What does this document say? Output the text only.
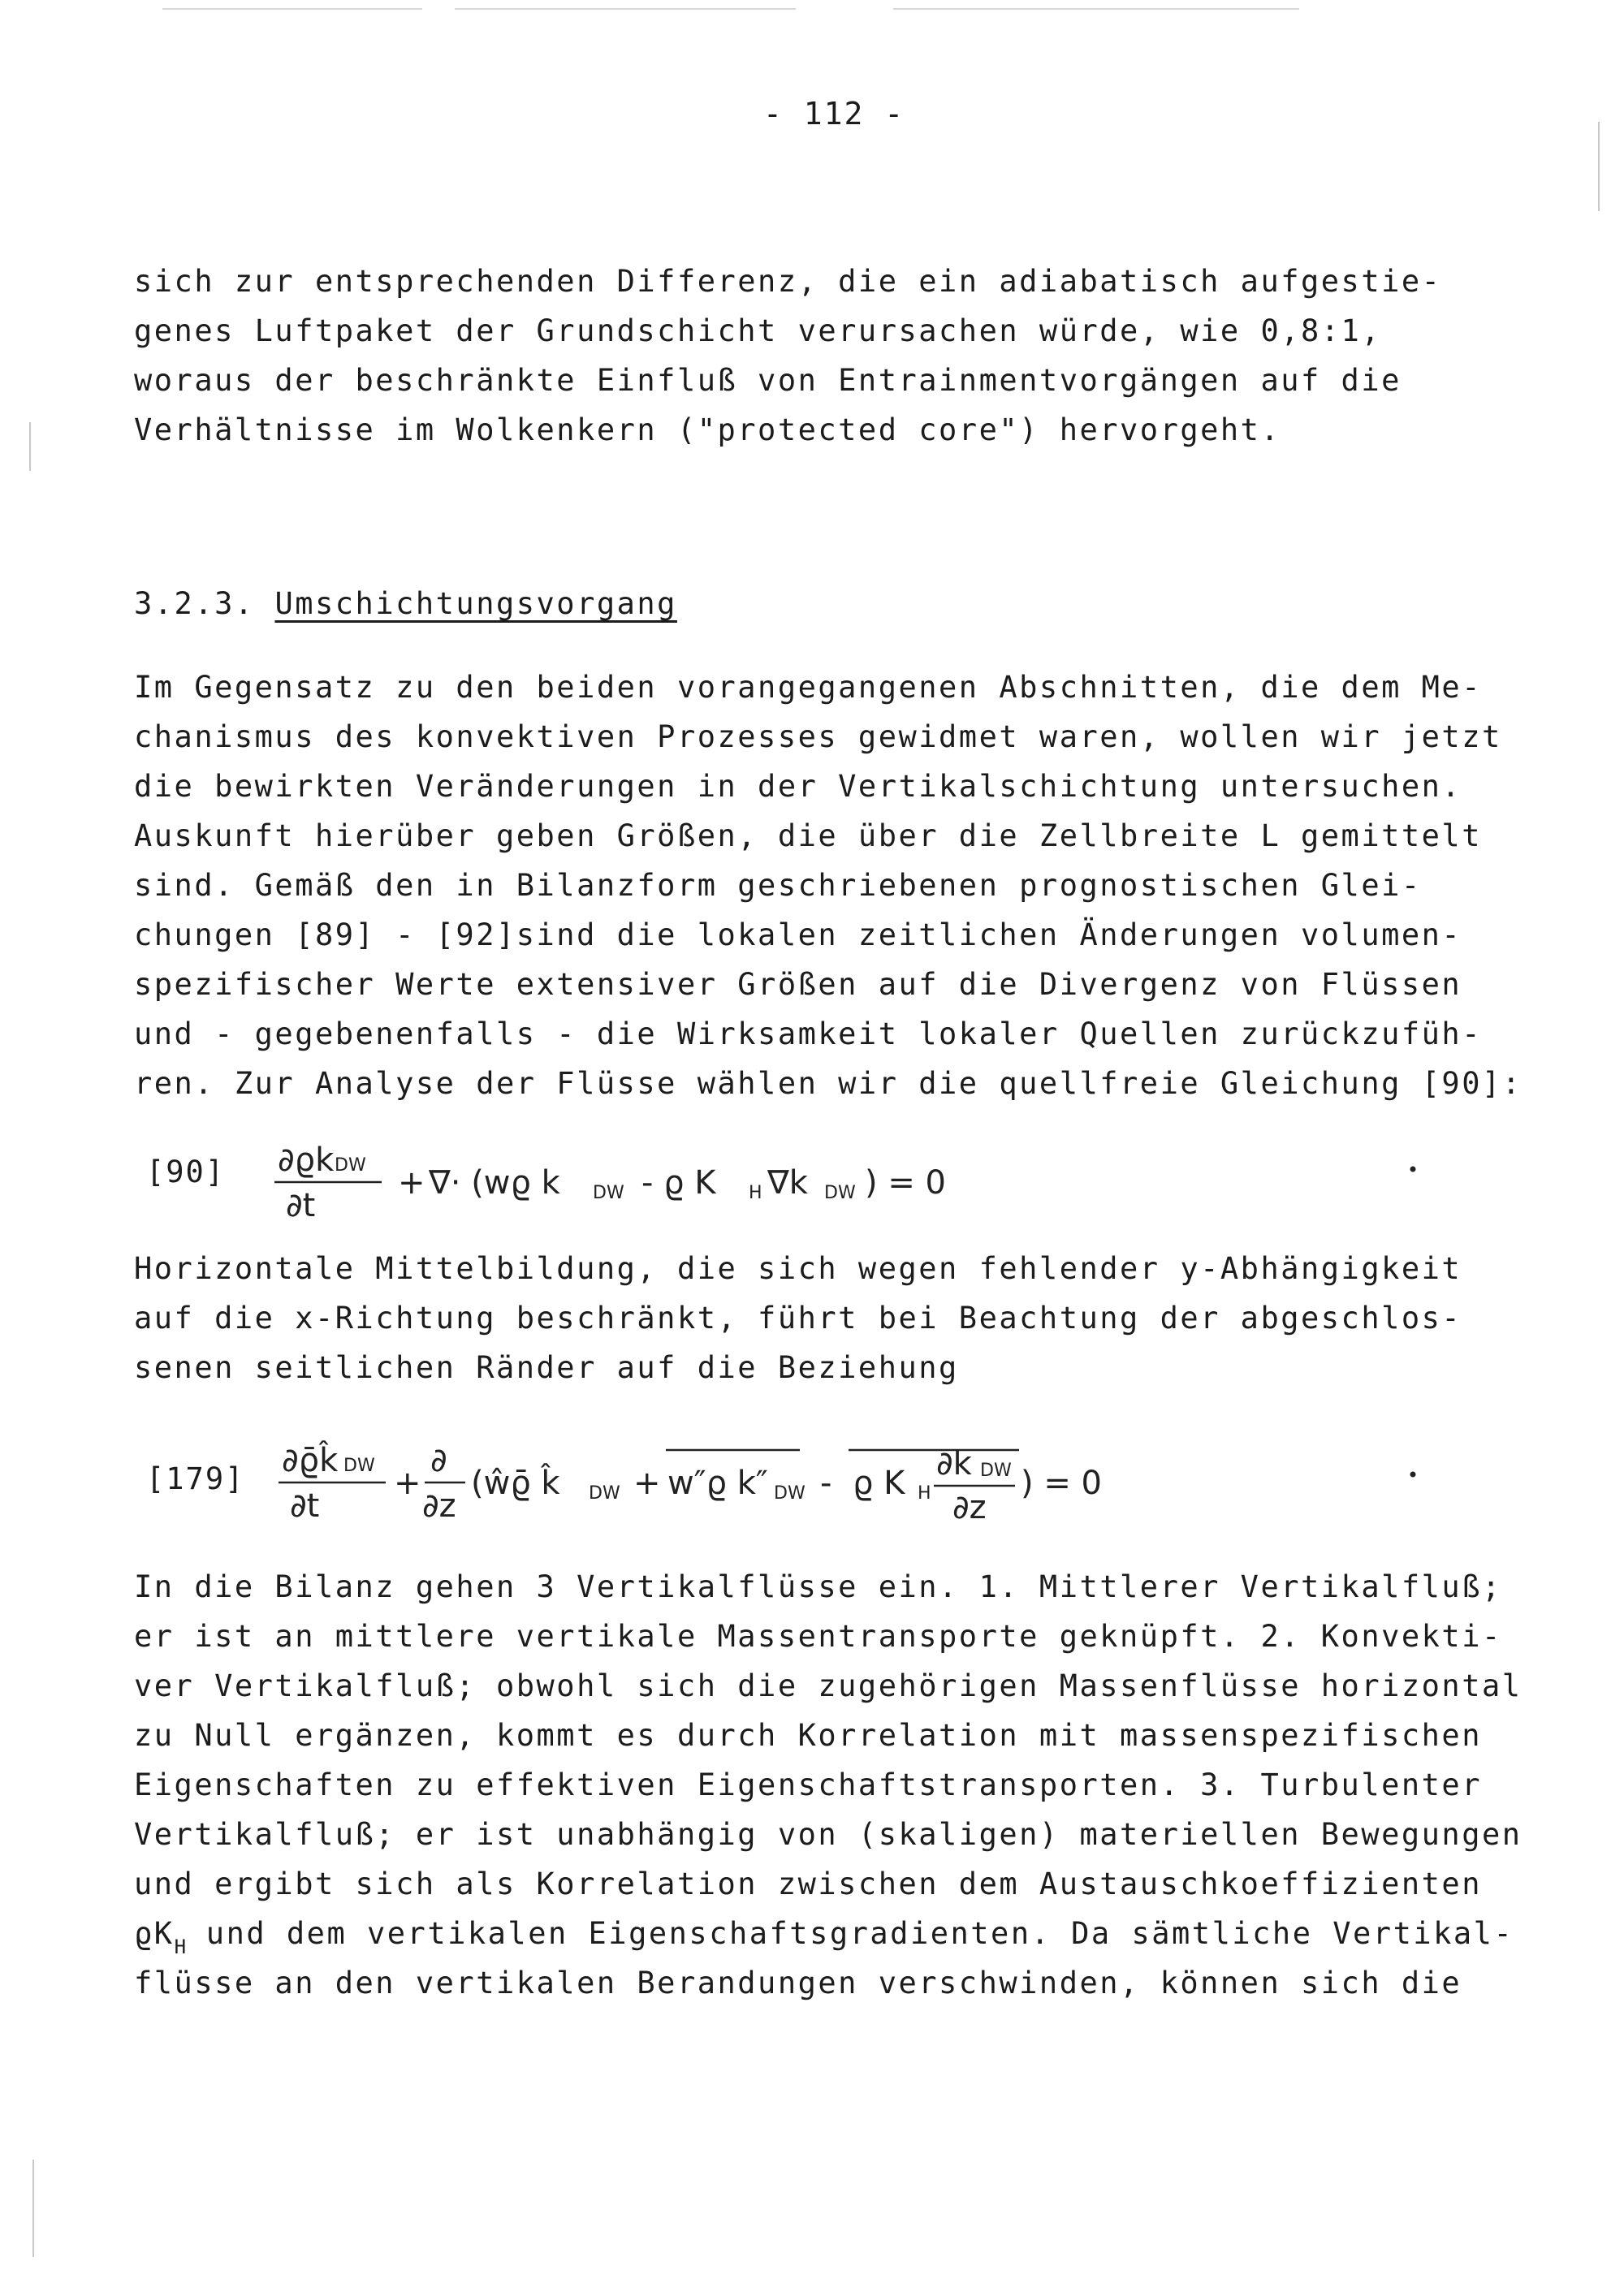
- 112 -

sich zur entsprechenden Differenz, die ein adiabatisch aufgestie-
genes Luftpaket der Grundschicht verursachen würde, wie 0,8:1,
woraus der beschränkte Einfluß von Entrainmentvorgängen auf die
Verhältnisse im Wolkenkern ("protected core") hervorgeht.

3.2.3. Umschichtungsvorgang

Im Gegensatz zu den beiden vorangegangenen Abschnitten, die dem Me-
chanismus des konvektiven Prozesses gewidmet waren, wollen wir jetzt
die bewirkten Veränderungen in der Vertikalschichtung untersuchen.
Auskunft hierüber geben Größen, die über die Zellbreite L gemittelt
sind. Gemäß den in Bilanzform geschriebenen prognostischen Glei-
chungen [89] - [92]sind die lokalen zeitlichen Änderungen volumen-
spezifischer Werte extensiver Größen auf die Divergenz von Flüssen
und - gegebenenfalls - die Wirksamkeit lokaler Quellen zurückzufüh-
ren. Zur Analyse der Flüsse wählen wir die quellfreie Gleichung [90]:

[90] ∂ϱk DW
∂t
+ ∇· (wϱ k DW - ϱ K H ∇k DW ) = 0

Horizontale Mittelbildung, die sich wegen fehlender y-Abhängigkeit
auf die x-Richtung beschränkt, führt bei Beachtung der abgeschlos-
senen seitlichen Ränder auf die Beziehung

[179] ∂ϱ̄k̂ DW
∂t
+
∂
∂z
(ŵϱ̄ k̂ DW + w″ϱ k″ DW - ϱ K H
∂k DW
∂z
) = 0

In die Bilanz gehen 3 Vertikalflüsse ein. 1. Mittlerer Vertikalfluß;
er ist an mittlere vertikale Massentransporte geknüpft. 2. Konvekti-
ver Vertikalfluß; obwohl sich die zugehörigen Massenflüsse horizontal
zu Null ergänzen, kommt es durch Korrelation mit massenspezifischen
Eigenschaften zu effektiven Eigenschaftstransporten. 3. Turbulenter
Vertikalfluß; er ist unabhängig von (skaligen) materiellen Bewegungen
und ergibt sich als Korrelation zwischen dem Austauschkoeffizienten
$ϱK_H$ und dem vertikalen Eigenschaftsgradienten. Da sämtliche Vertikal-
flüsse an den vertikalen Berandungen verschwinden, können sich die
